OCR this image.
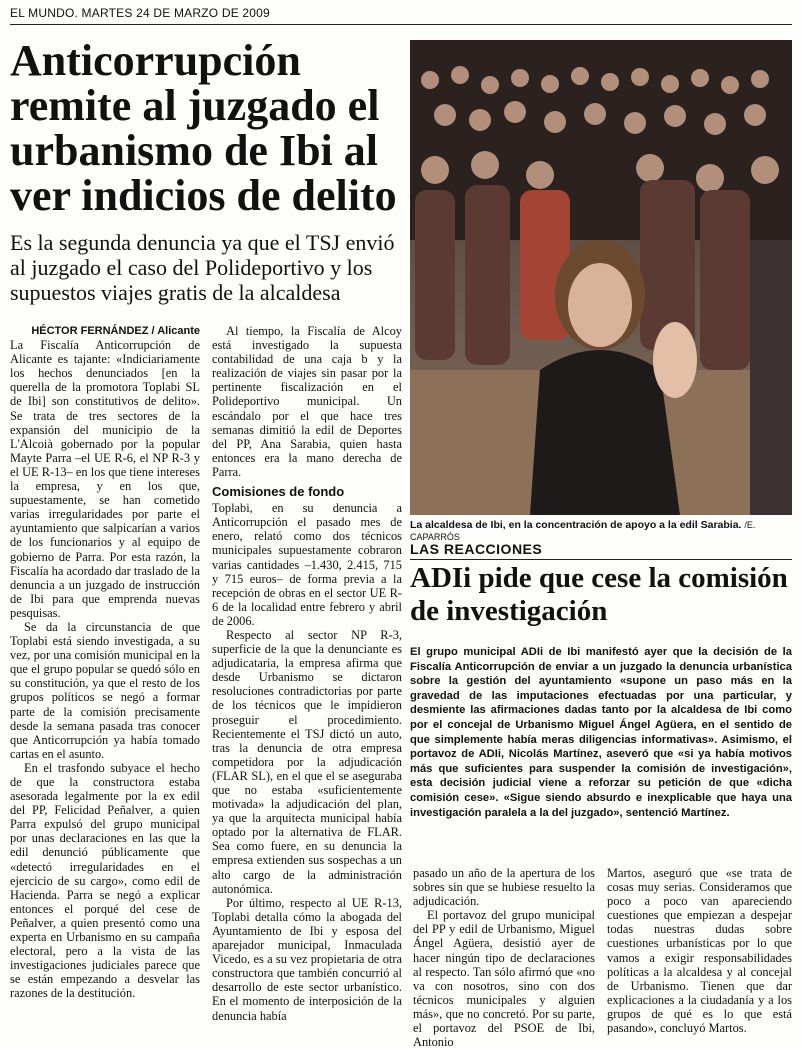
EL MUNDO. MARTES 24 DE MARZO DE 2009
Anticorrupción remite al juzgado el urbanismo de Ibi al ver indicios de delito
Es la segunda denuncia ya que el TSJ envió al juzgado el caso del Polideportivo y los supuestos viajes gratis de la alcaldesa
HÉCTOR FERNÁNDEZ / Alicante

La Fiscalía Anticorrupción de Alicante es tajante: «Indiciariamente los hechos denunciados [en la querella de la promotora Toplabi SL de Ibi] son constitutivos de delito». Se trata de tres sectores de la expansión del municipio de la L'Alcoià gobernado por la popular Mayte Parra –el UE R-6, el NP R-3 y el UE R-13– en los que tiene intereses la empresa, y en los que, supuestamente, se han cometido varias irregularidades por parte el ayuntamiento que salpicarían a varios de los funcionarios y al equipo de gobierno de Parra. Por esta razón, la Fiscalía ha acordado dar traslado de la denuncia a un juzgado de instrucción de Ibi para que emprenda nuevas pesquisas.

Se da la circunstancia de que Toplabi está siendo investigada, a su vez, por una comisión municipal en la que el grupo popular se quedó sólo en su constitución, ya que el resto de los grupos políticos se negó a formar parte de la comisión precisamente desde la semana pasada tras conocer que Anticorrupción ya había tomado cartas en el asunto.

En el trasfondo subyace el hecho de que la constructora estaba asesorada legalmente por la ex edil del PP, Felicidad Peñalver, a quien Parra expulsó del grupo municipal por unas declaraciones en las que la edil denunció públicamente que «detectó irregularidades en el ejercicio de su cargo», como edil de Hacienda. Parra se negó a explicar entonces el porqué del cese de Peñalver, a quien presentó como una experta en Urbanismo en su campaña electoral, pero a la vista de las investigaciones judiciales parece que se están empezando a desvelar las razones de la destitución.

Al tiempo, la Fiscalía de Alcoy está investigado la supuesta contabilidad de una caja b y la realización de viajes sin pasar por la pertinente fiscalización en el Polideportivo municipal. Un escándalo por el que hace tres semanas dimitió la edil de Deportes del PP, Ana Sarabia, quien hasta entonces era la mano derecha de Parra.

Comisiones de fondo

Toplabi, en su denuncia a Anticorrupción el pasado mes de enero, relató como dos técnicos municipales supuestamente cobraron varias cantidades –1.430, 2.415, 715 y 715 euros– de forma previa a la recepción de obras en el sector UE R-6 de la localidad entre febrero y abril de 2006.

Respecto al sector NP R-3, superficie de la que la denunciante es adjudicataria, la empresa afirma que desde Urbanismo se dictaron resoluciones contradictorias por parte de los técnicos que le impidieron proseguir el procedimiento. Recientemente el TSJ dictó un auto, tras la denuncia de otra empresa competidora por la adjudicación (FLAR SL), en el que el se aseguraba que no estaba «suficientemente motivada» la adjudicación del plan, ya que la arquitecta municipal había optado por la alternativa de FLAR. Sea como fuere, en su denuncia la empresa extienden sus sospechas a un alto cargo de la administración autonómica.

Por último, respecto al UE R-13, Toplabi detalla cómo la abogada del Ayuntamiento de Ibi y esposa del aparejador municipal, Inmaculada Vicedo, es a su vez propietaria de otra constructora que también concurrió al desarrollo de este sector urbanístico. En el momento de interposición de la denuncia había

La alcaldesa de Ibi, en la concentración de apoyo a la edil Sarabia. /E. CAPARRÓS
LAS REACCIONES
ADIi pide que cese la comisión de investigación

El grupo municipal ADIi de Ibi manifestó ayer que la decisión de la Fiscalía Anticorrupción de enviar a un juzgado la denuncia urbanística sobre la gestión del ayuntamiento «supone un paso más en la gravedad de las imputaciones efectuadas por una particular, y desmiente las afirmaciones dadas tanto por la alcaldesa de Ibi como por el concejal de Urbanismo Miguel Ángel Agüera, en el sentido de que simplemente había meras diligencias informativas». Asimismo, el portavoz de ADIi, Nicolás Martínez, aseveró que «si ya había motivos más que suficientes para suspender la comisión de investigación», esta decisión judicial viene a reforzar su petición de que «dicha comisión cese». «Sigue siendo absurdo e inexplicable que haya una investigación paralela a la del juzgado», sentenció Martínez.

pasado un año de la apertura de los sobres sin que se hubiese resuelto la adjudicación.

El portavoz del grupo municipal del PP y edil de Urbanismo, Miguel Ángel Agüera, desistió ayer de hacer ningún tipo de declaraciones al respecto. Tan sólo afirmó que «no va con nosotros, sino con dos técnicos municipales y alguien más», que no concretó. Por su parte, el portavoz del PSOE de Ibi, Antonio

Martos, aseguró que «se trata de cosas muy serias. Consideramos que poco a poco van apareciendo cuestiones que empiezan a despejar todas nuestras dudas sobre cuestiones urbanísticas por lo que vamos a exigir responsabilidades políticas a la alcaldesa y al concejal de Urbanismo. Tienen que dar explicaciones a la ciudadanía y a los grupos de qué es lo que está pasando», concluyó Martos.
